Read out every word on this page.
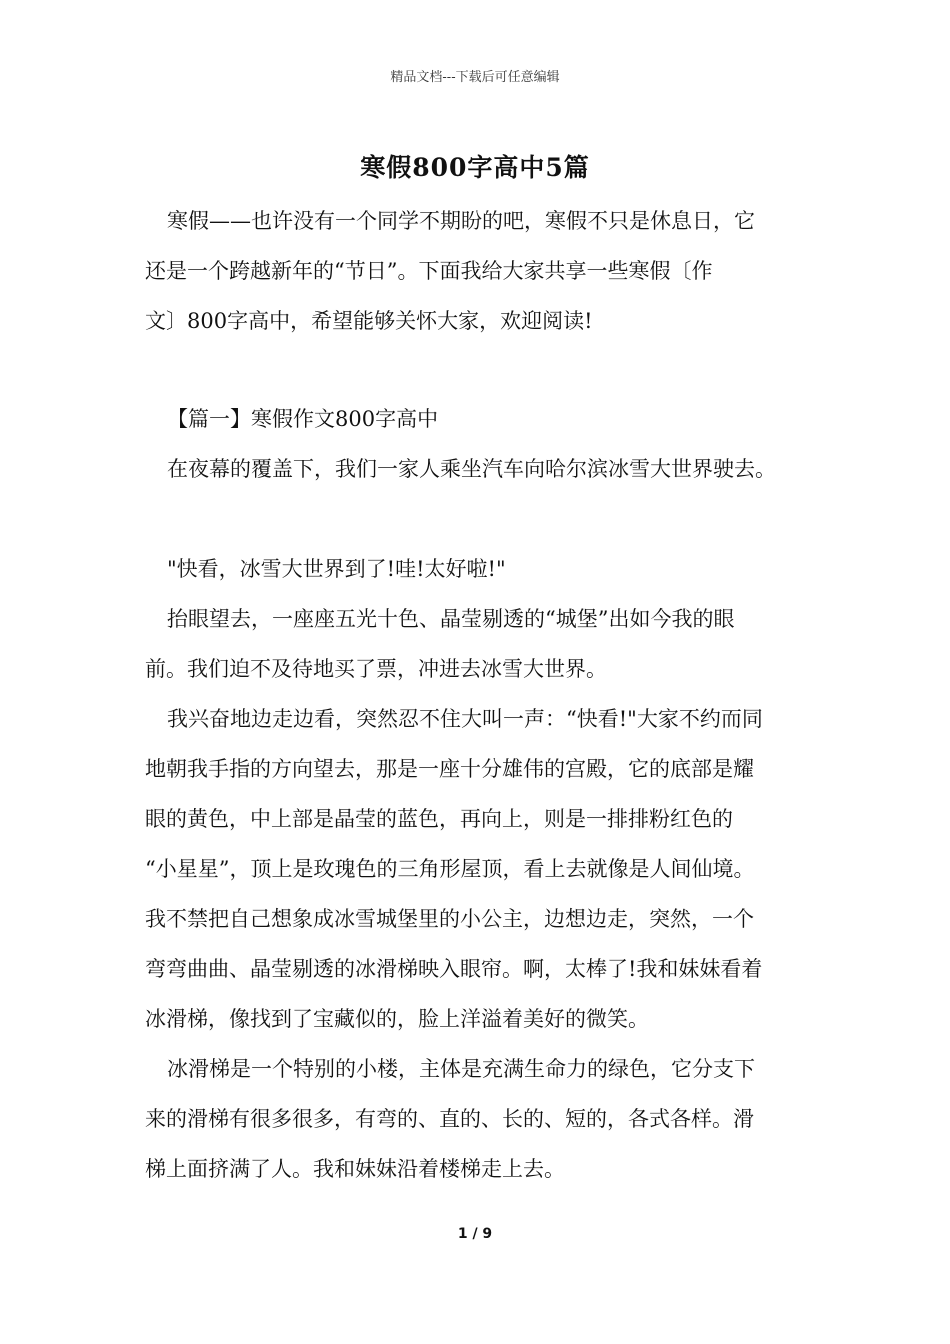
精品文档---下载后可任意编辑
寒假800字高中5篇
寒假——也许没有一个同学不期盼的吧，寒假不只是休息日，它
还是一个跨越新年的“节日”。下面我给大家共享一些寒假〔作
文〕800字高中，希望能够关怀大家，欢迎阅读!
【篇一】寒假作文800字高中
在夜幕的覆盖下，我们一家人乘坐汽车向哈尔滨冰雪大世界驶去。
"快看，冰雪大世界到了!哇!太好啦!"
抬眼望去，一座座五光十色、晶莹剔透的“城堡”出如今我的眼
前。我们迫不及待地买了票，冲进去冰雪大世界。
我兴奋地边走边看，突然忍不住大叫一声：“快看!"大家不约而同
地朝我手指的方向望去，那是一座十分雄伟的宫殿，它的底部是耀
眼的黄色，中上部是晶莹的蓝色，再向上，则是一排排粉红色的
“小星星”，顶上是玫瑰色的三角形屋顶，看上去就像是人间仙境。
我不禁把自己想象成冰雪城堡里的小公主，边想边走，突然，一个
弯弯曲曲、晶莹剔透的冰滑梯映入眼帘。啊，太棒了!我和妹妹看着
冰滑梯，像找到了宝藏似的，脸上洋溢着美好的微笑。
冰滑梯是一个特别的小楼，主体是充满生命力的绿色，它分支下
来的滑梯有很多很多，有弯的、直的、长的、短的，各式各样。滑
梯上面挤满了人。我和妹妹沿着楼梯走上去。
1 / 9
